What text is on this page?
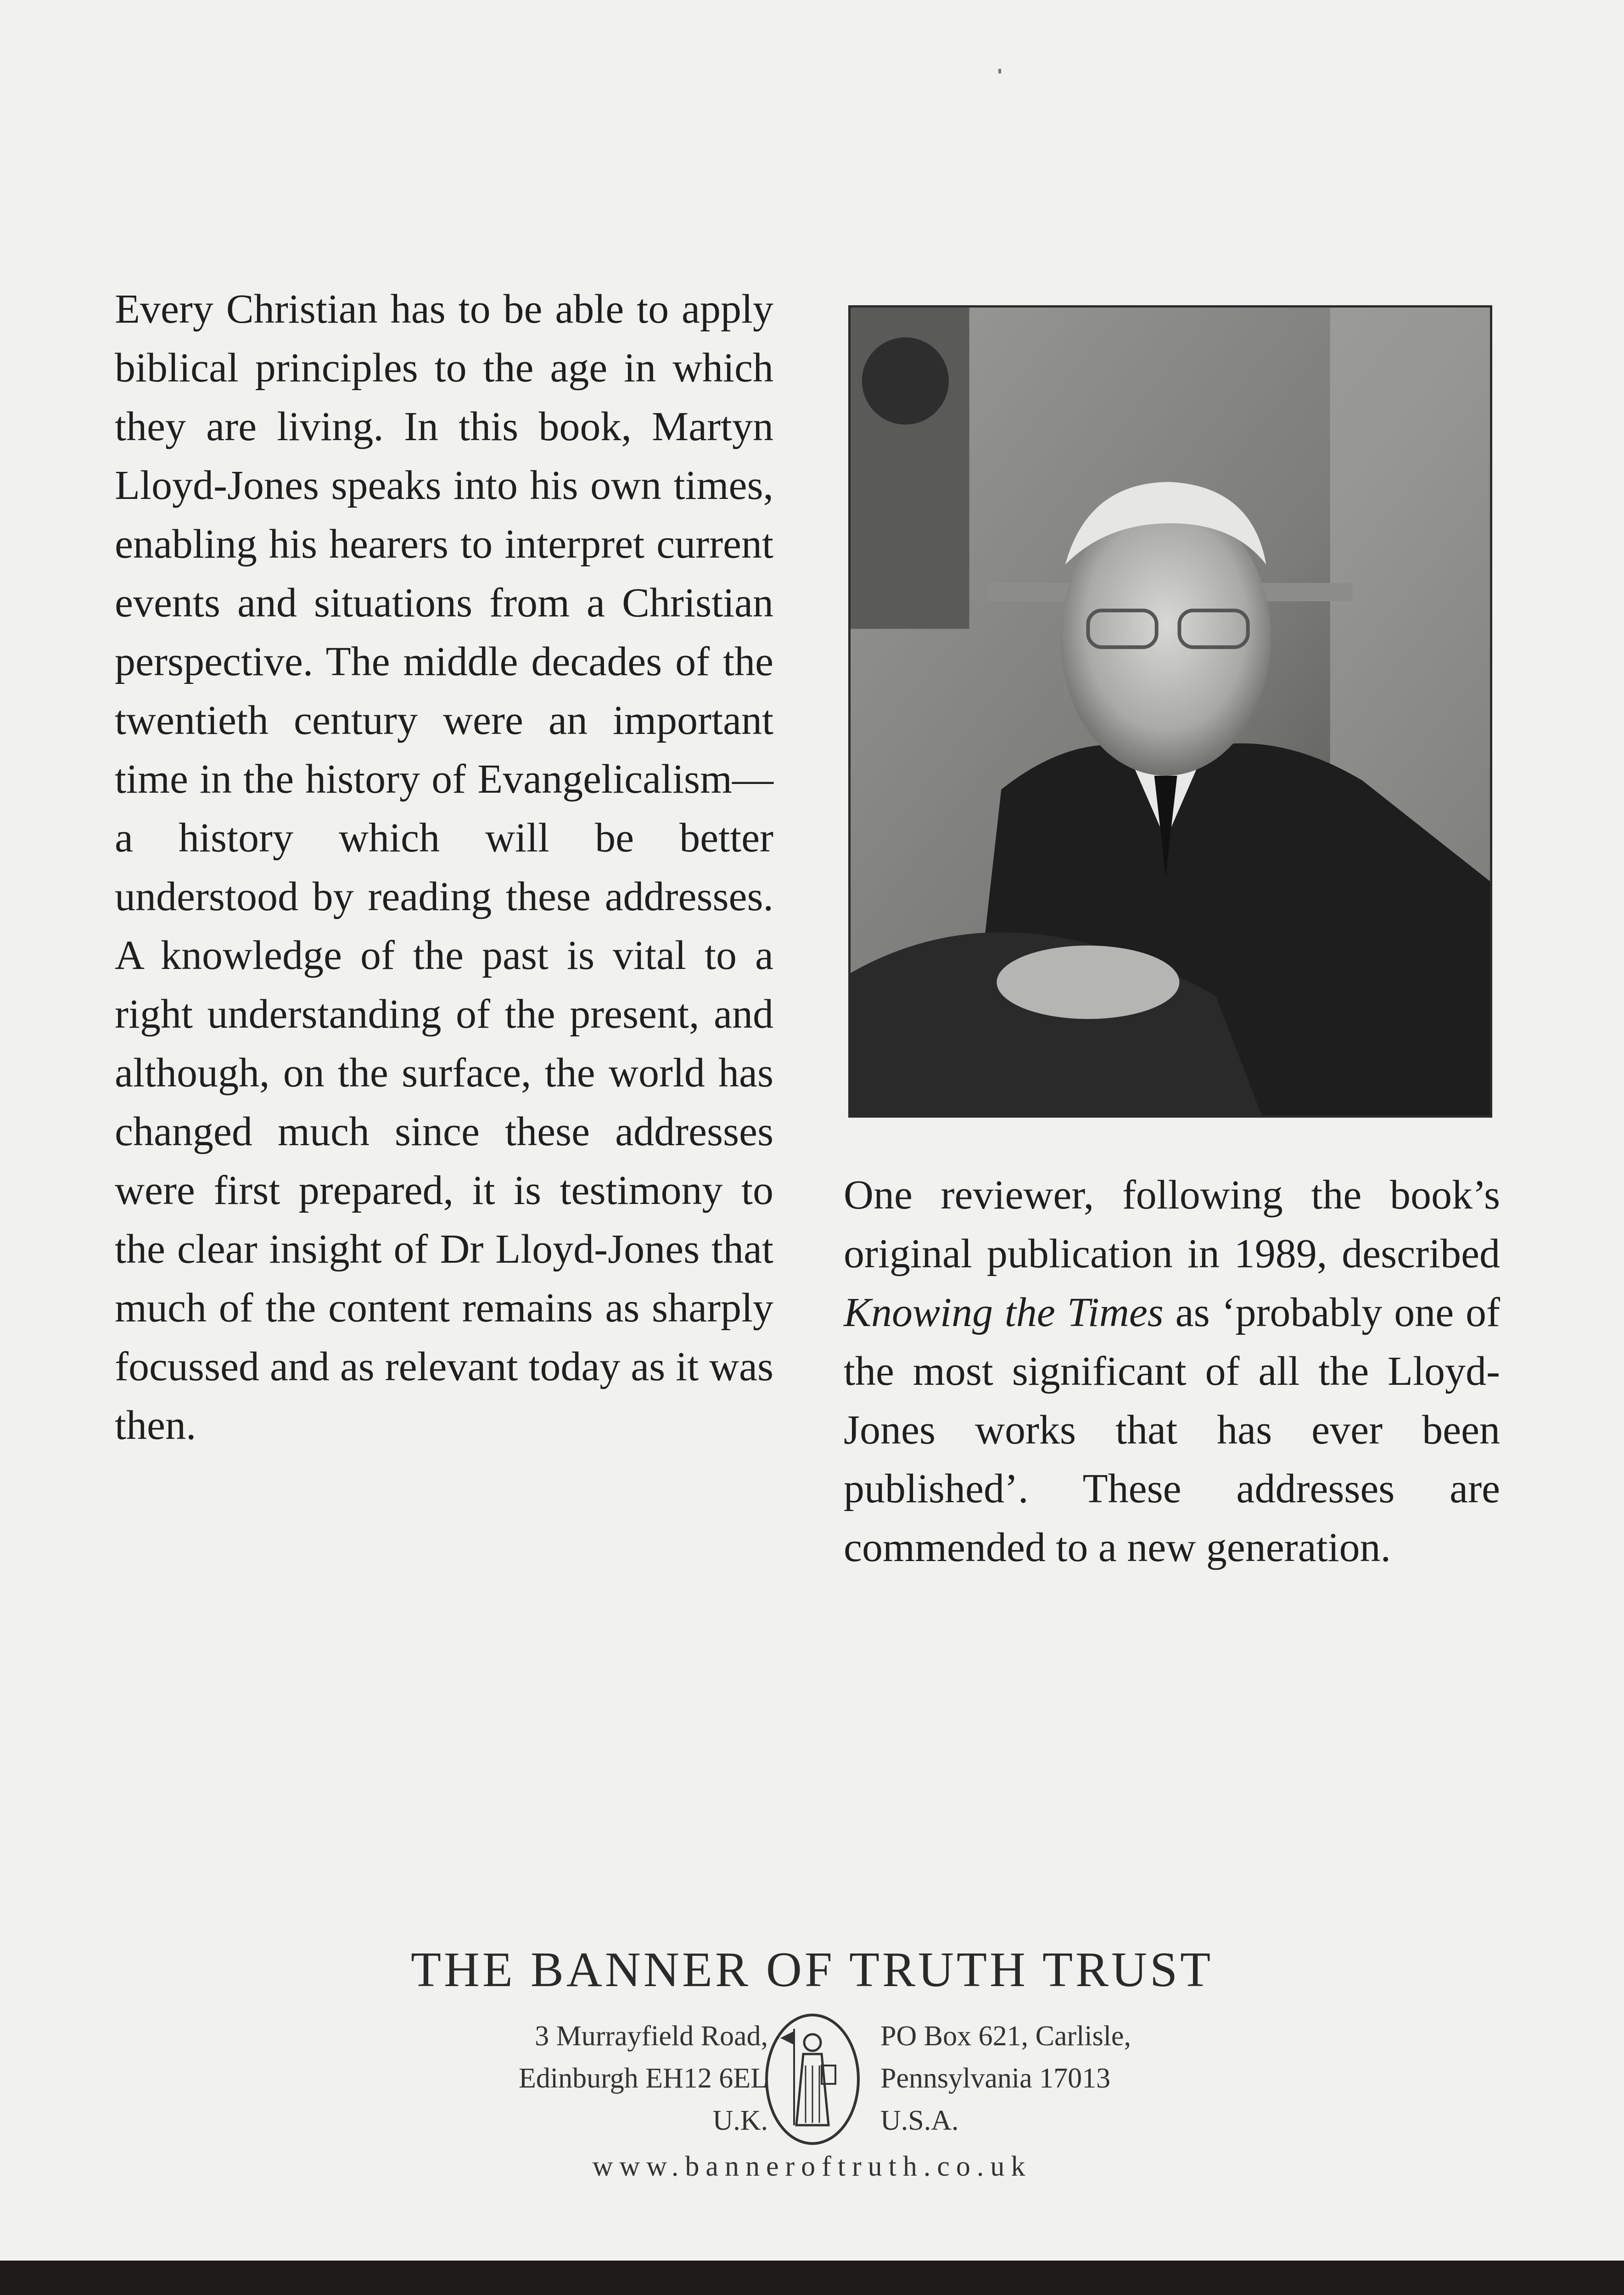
Every Christian has to be able to apply biblical principles to the age in which they are living. In this book, Martyn Lloyd-Jones speaks into his own times, enabling his hearers to interpret current events and situations from a Christian perspective. The middle decades of the twentieth century were an important time in the history of Evangelicalism—a history which will be better understood by reading these addresses. A knowledge of the past is vital to a right understanding of the present, and although, on the surface, the world has changed much since these addresses were first prepared, it is testimony to the clear insight of Dr Lloyd-Jones that much of the content remains as sharply focussed and as relevant today as it was then.
One reviewer, following the book’s original publication in 1989, described Knowing the Times as ‘probably one of the most significant of all the Lloyd-Jones works that has ever been published’. These addresses are commended to a new generation.
THE BANNER OF TRUTH TRUST
3 Murrayfield Road,
Edinburgh EH12 6EL
U.K.
PO Box 621, Carlisle,
Pennsylvania 17013
U.S.A.
www.banneroftruth.co.uk
